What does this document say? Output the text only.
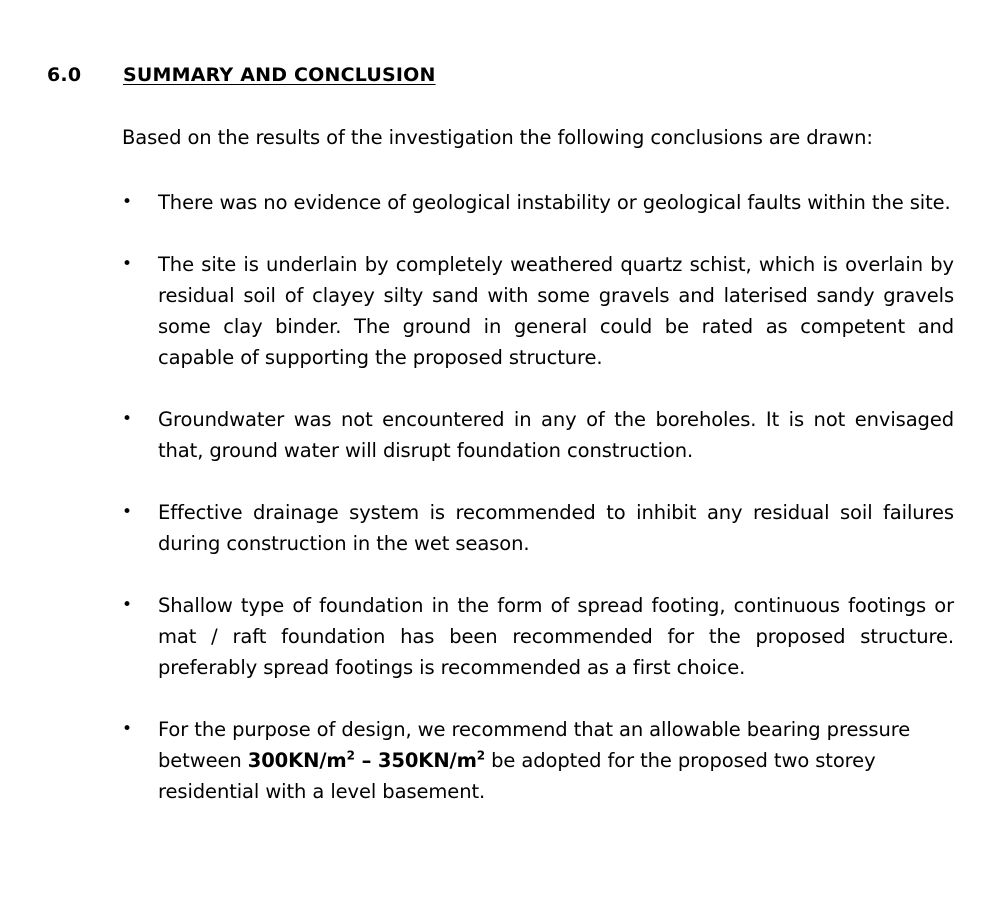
6.0 SUMMARY AND CONCLUSION
Based on the results of the investigation the following conclusions are drawn:
• There was no evidence of geological instability or geological faults within the site.
• The site is underlain by completely weathered quartz schist, which is overlain by residual soil of clayey silty sand with some gravels and laterised sandy gravels some clay binder. The ground in general could be rated as competent and capable of supporting the proposed structure.
• Groundwater was not encountered in any of the boreholes. It is not envisaged that, ground water will disrupt foundation construction.
• Effective drainage system is recommended to inhibit any residual soil failures during construction in the wet season.
• Shallow type of foundation in the form of spread footing, continuous footings or mat / raft foundation has been recommended for the proposed structure. preferably spread footings is recommended as a first choice.
• For the purpose of design, we recommend that an allowable bearing pressure between $300KN/m^2 - 350KN/m^2$ be adopted for the proposed two storey residential with a level basement.
